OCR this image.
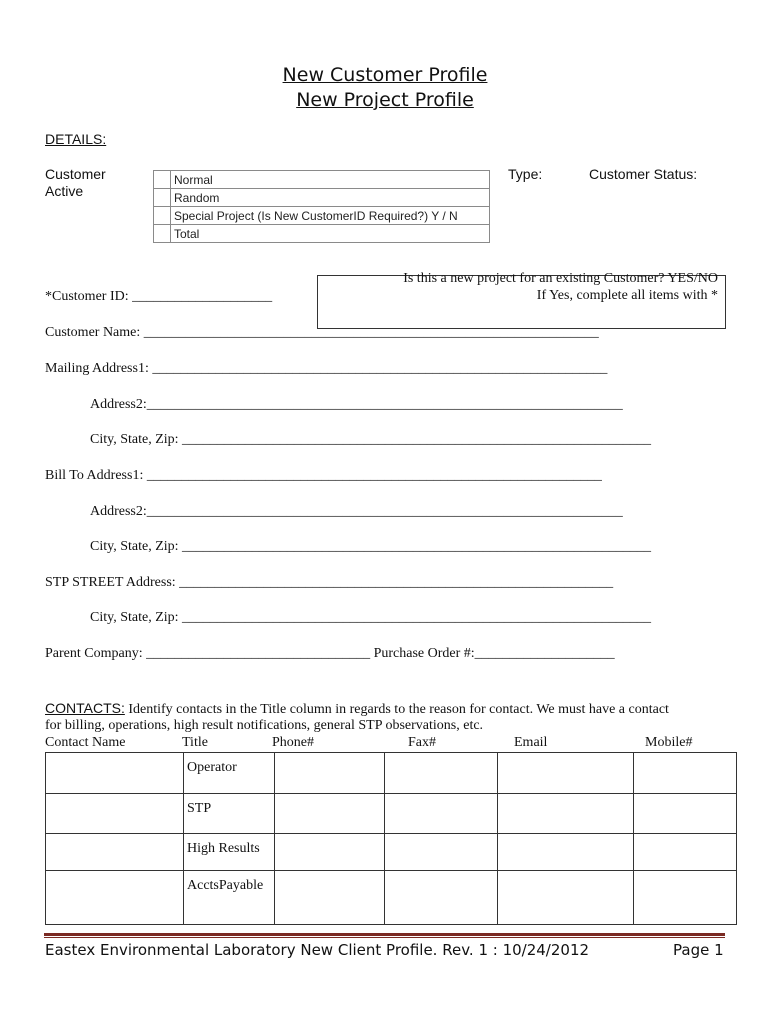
New Customer Profile
New Project Profile
DETAILS:
Customer
Active
Type:	Customer Status:
	Normal
	Random
	Special Project (Is New CustomerID Required?) Y / N
	Total
Is this a new project for an existing Customer? YES/NO
If Yes, complete all items with *
*Customer ID: ____________________
Customer Name: _________________________________________________________________
Mailing Address1: _________________________________________________________________
Address2:____________________________________________________________________
City, State, Zip: ___________________________________________________________________
Bill To Address1: _________________________________________________________________
Address2:____________________________________________________________________
City, State, Zip: ___________________________________________________________________
STP STREET Address: ______________________________________________________________
City, State, Zip: ___________________________________________________________________
Parent Company: ________________________________ Purchase Order #:____________________
CONTACTS: Identify contacts in the Title column in regards to the reason for contact. We must have a contact
for billing, operations, high result notifications, general STP observations, etc.
Contact Name	Title	Phone#	Fax#	Email	Mobile#

	Operator				

	STP				

	High Results				

	AcctsPayable				

Eastex Environmental Laboratory New Client Profile. Rev. 1 : 10/24/2012	Page 1
